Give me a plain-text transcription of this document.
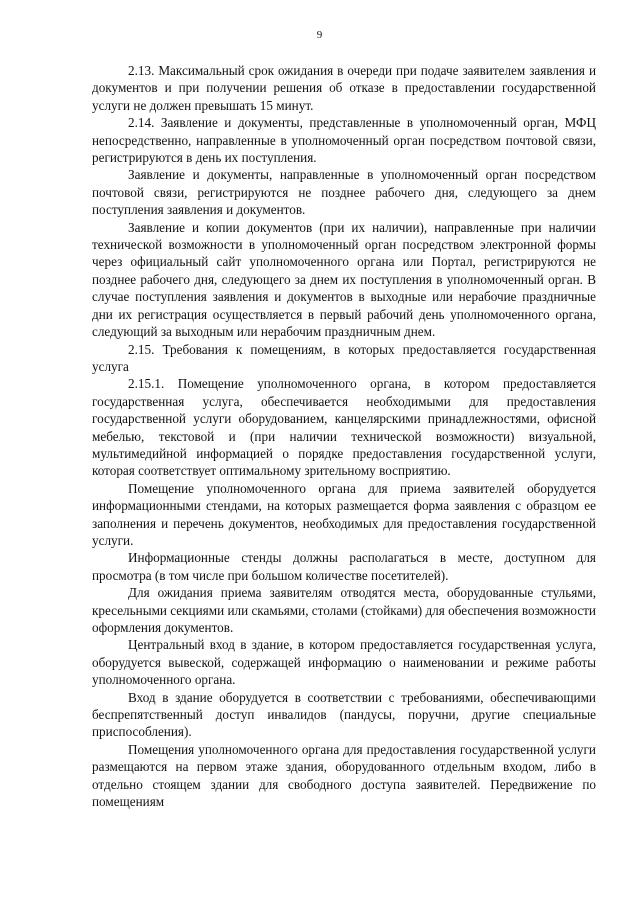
9

2.13. Максимальный срок ожидания в очереди при подаче заявителем заявления и документов и при получении решения об отказе в предоставлении государственной услуги не должен превышать 15 минут.

2.14. Заявление и документы, представленные в уполномоченный орган, МФЦ непосредственно, направленные в уполномоченный орган посредством почтовой связи, регистрируются в день их поступления.

Заявление и документы, направленные в уполномоченный орган посредством почтовой связи, регистрируются не позднее рабочего дня, следующего за днем поступления заявления и документов.

Заявление и копии документов (при их наличии), направленные при наличии технической возможности в уполномоченный орган посредством электронной формы через официальный сайт уполномоченного органа или Портал, регистрируются не позднее рабочего дня, следующего за днем их поступления в уполномоченный орган. В случае поступления заявления и документов в выходные или нерабочие праздничные дни их регистрация осуществляется в первый рабочий день уполномоченного органа, следующий за выходным или нерабочим праздничным днем.

2.15. Требования к помещениям, в которых предоставляется государственная услуга

2.15.1. Помещение уполномоченного органа, в котором предоставляется государственная услуга, обеспечивается необходимыми для предоставления государственной услуги оборудованием, канцелярскими принадлежностями, офисной мебелью, текстовой и (при наличии технической возможности) визуальной, мультимедийной информацией о порядке предоставления государственной услуги, которая соответствует оптимальному зрительному восприятию.

Помещение уполномоченного органа для приема заявителей оборудуется информационными стендами, на которых размещается форма заявления с образцом ее заполнения и перечень документов, необходимых для предоставления государственной услуги.

Информационные стенды должны располагаться в месте, доступном для просмотра (в том числе при большом количестве посетителей).

Для ожидания приема заявителям отводятся места, оборудованные стульями, кресельными секциями или скамьями, столами (стойками) для обеспечения возможности оформления документов.

Центральный вход в здание, в котором предоставляется государственная услуга, оборудуется вывеской, содержащей информацию о наименовании и режиме работы уполномоченного органа.

Вход в здание оборудуется в соответствии с требованиями, обеспечивающими беспрепятственный доступ инвалидов (пандусы, поручни, другие специальные приспособления).

Помещения уполномоченного органа для предоставления государственной услуги размещаются на первом этаже здания, оборудованного отдельным входом, либо в отдельно стоящем здании для свободного доступа заявителей. Передвижение по помещениям
